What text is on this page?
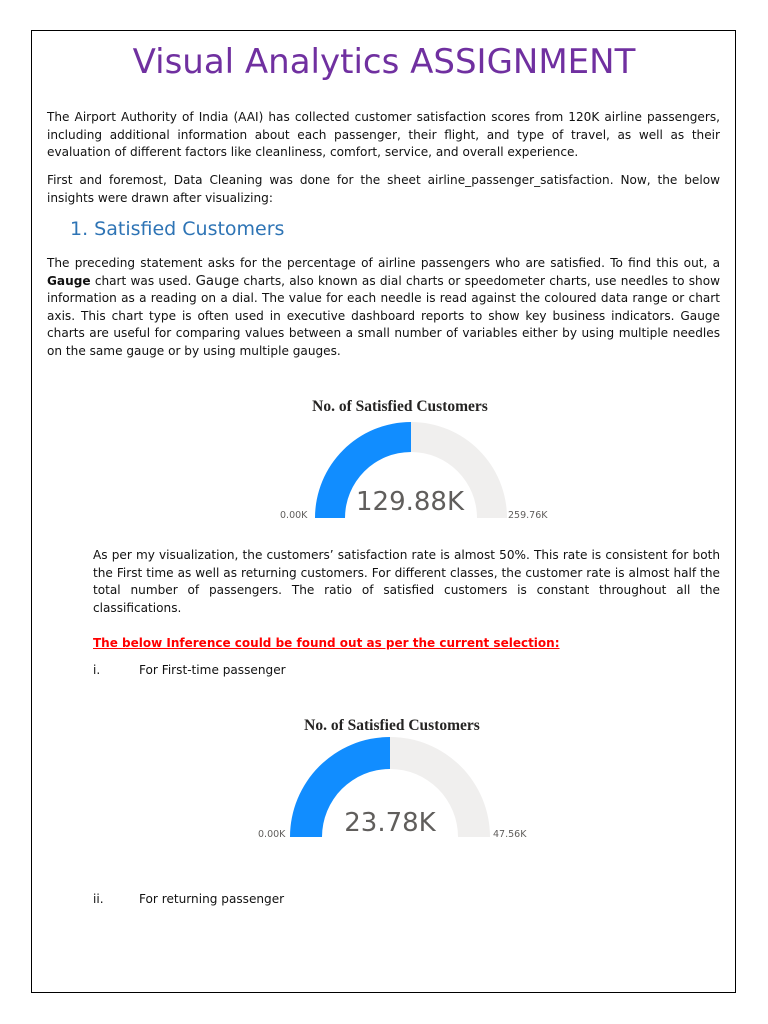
Visual Analytics ASSIGNMENT
The Airport Authority of India (AAI) has collected customer satisfaction scores from 120K airline passengers, including additional information about each passenger, their flight, and type of travel, as well as their evaluation of different factors like cleanliness, comfort, service, and overall experience.
First and foremost, Data Cleaning was done for the sheet airline_passenger_satisfaction. Now, the below insights were drawn after visualizing:
1. Satisfied Customers
The preceding statement asks for the percentage of airline passengers who are satisfied. To find this out, a Gauge chart was used. Gauge charts, also known as dial charts or speedometer charts, use needles to show information as a reading on a dial. The value for each needle is read against the coloured data range or chart axis. This chart type is often used in executive dashboard reports to show key business indicators. Gauge charts are useful for comparing values between a small number of variables either by using multiple needles on the same gauge or by using multiple gauges.
No. of Satisfied Customers
129.88K
0.00K	259.76K
As per my visualization, the customers’ satisfaction rate is almost 50%. This rate is consistent for both the First time as well as returning customers. For different classes, the customer rate is almost half the total number of passengers. The ratio of satisfied customers is constant throughout all the classifications.
The below Inference could be found out as per the current selection:
i.	For First-time passenger
No. of Satisfied Customers
23.78K
0.00K	47.56K
ii.	For returning passenger
